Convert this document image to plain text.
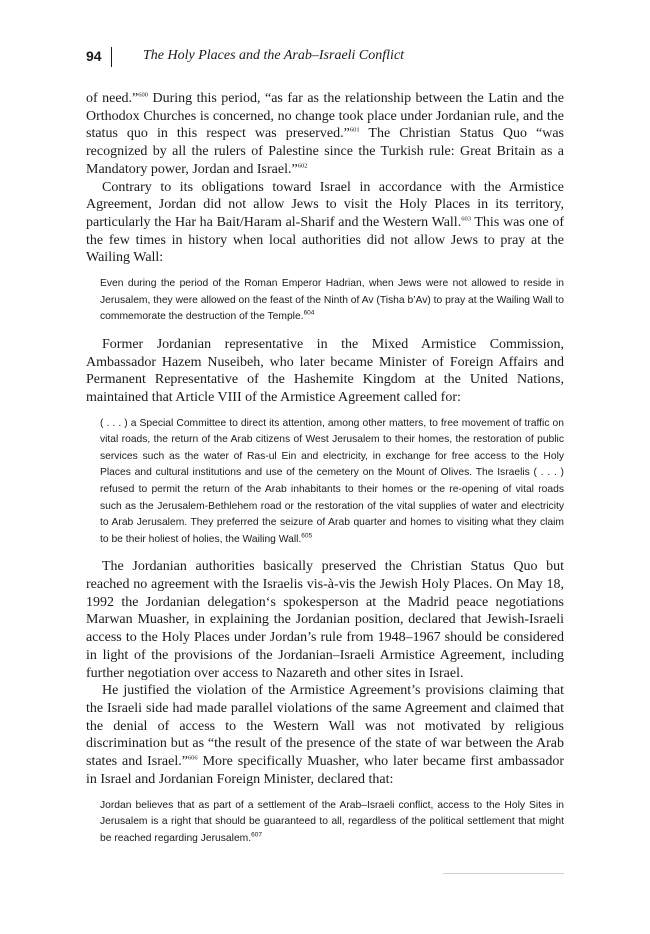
94	The Holy Places and the Arab–Israeli Conflict

of need.”$^{600}$ During this period, “as far as the relationship between the Latin and the Orthodox Churches is concerned, no change took place under Jordanian rule, and the status quo in this respect was preserved.”$^{601}$ The Christian Status Quo “was recognized by all the rulers of Palestine since the Turkish rule: Great Britain as a Mandatory power, Jordan and Israel.”$^{602}$

Contrary to its obligations toward Israel in accordance with the Armistice Agreement, Jordan did not allow Jews to visit the Holy Places in its territory, particularly the Har ha Bait/Haram al-Sharif and the Western Wall.$^{603}$ This was one of the few times in history when local authorities did not allow Jews to pray at the Wailing Wall:

Even during the period of the Roman Emperor Hadrian, when Jews were not allowed to reside in Jerusalem, they were allowed on the feast of the Ninth of Av (Tisha b’Av) to pray at the Wailing Wall to commemorate the destruction of the Temple.$^{604}$

Former Jordanian representative in the Mixed Armistice Commission, Ambassador Hazem Nuseibeh, who later became Minister of Foreign Affairs and Permanent Representative of the Hashemite Kingdom at the United Nations, maintained that Article VIII of the Armistice Agreement called for:

( . . . ) a Special Committee to direct its attention, among other matters, to free movement of traffic on vital roads, the return of the Arab citizens of West Jerusalem to their homes, the restoration of public services such as the water of Ras-ul Ein and electricity, in exchange for free access to the Holy Places and cultural institutions and use of the cemetery on the Mount of Olives. The Israelis ( . . . ) refused to permit the return of the Arab inhabitants to their homes or the re-opening of vital roads such as the Jerusalem-Bethlehem road or the restoration of the vital supplies of water and electricity to Arab Jerusalem. They preferred the seizure of Arab quarter and homes to visiting what they claim to be their holiest of holies, the Wailing Wall.$^{605}$

The Jordanian authorities basically preserved the Christian Status Quo but reached no agreement with the Israelis vis-à-vis the Jewish Holy Places. On May 18, 1992 the Jordanian delegation‘s spokesperson at the Madrid peace negotiations Marwan Muasher, in explaining the Jordanian position, declared that Jewish-Israeli access to the Holy Places under Jordan’s rule from 1948–1967 should be considered in light of the provisions of the Jordanian–Israeli Armistice Agreement, including further negotiation over access to Nazareth and other sites in Israel.

He justified the violation of the Armistice Agreement’s provisions claiming that the Israeli side had made parallel violations of the same Agreement and claimed that the denial of access to the Western Wall was not motivated by religious discrimination but as “the result of the presence of the state of war between the Arab states and Israel.”$^{606}$ More specifically Muasher, who later became first ambassador in Israel and Jordanian Foreign Minister, declared that:

Jordan believes that as part of a settlement of the Arab–Israeli conflict, access to the Holy Sites in Jerusalem is a right that should be guaranteed to all, regardless of the political settlement that might be reached regarding Jerusalem.$^{607}$
